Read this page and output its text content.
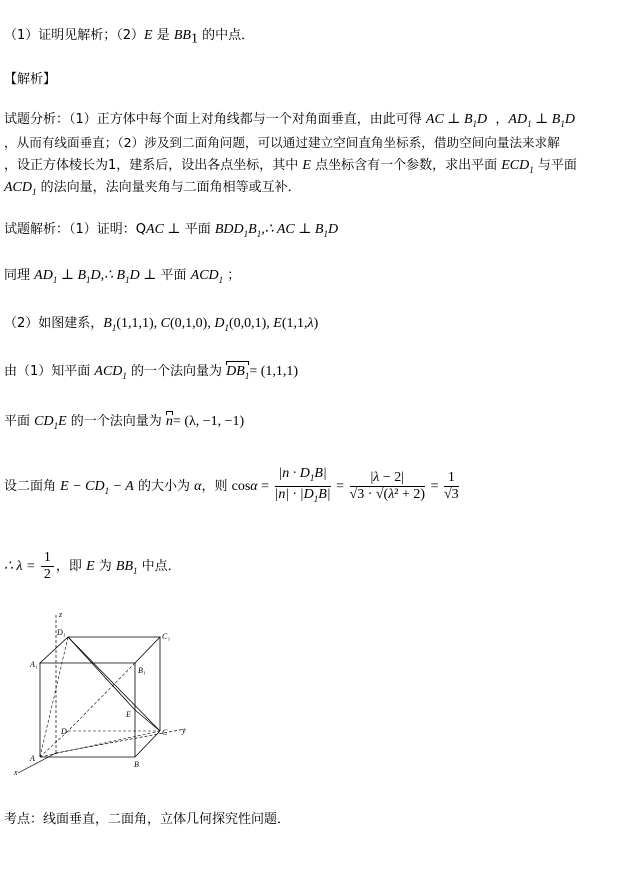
（1）证明见解析；（2）E 是 $BB_1$ 的中点．
【解析】
试题分析：（1）正方体中每个面上对角线都与一个对角面垂直，由此可得 AC ⊥ $B_1D$  ，$AD_1$ ⊥ $B_1D$
，从而有线面垂直；（2）涉及到二面角问题，可以通过建立空间直角坐标系，借助空间向量法来求解
，设正方体棱长为1，建系后，设出各点坐标，其中 E 点坐标含有一个参数，求出平面 $ECD_1$ 与平面
$ACD_1$ 的法向量，法向量夹角与二面角相等或互补．
试题解析：（1）证明：QAC ⊥ 平面 $BDD_1B_1,\therefore$ AC ⊥ $B_1D$
同理 $AD_1$ ⊥ $B_1D,\therefore$ $B_1D$ ⊥ 平面 $ACD_1$ ；
（2）如图建系，$B_1(1,1,1)$, C(0,1,0), $D_1(0,0,1)$, E(1,1,λ)
由（1）知平面 $ACD_1$ 的一个法向量为 $DB_1= (1,1,1)$
平面 $CD_1E$ 的一个法向量为 n= (λ, −1, −1)
设二面角 $E - CD_1 - A$ 的大小为 α，则 $\cos\alpha = \frac{|n \cdot D_1B|}{|n| \cdot |D_1B|} = \frac{|\lambda - 2|}{\text{√3 · √(λ² + 2)}} = \frac{1}{√3}$
∴ $\lambda = \frac{1}{2}$ ，即 E 为 $BB_1$ 中点．
z
D₁	C₁
A₁
B₁
E
D	C y
A
B
x
考点：线面垂直，二面角，立体几何探究性问题．
